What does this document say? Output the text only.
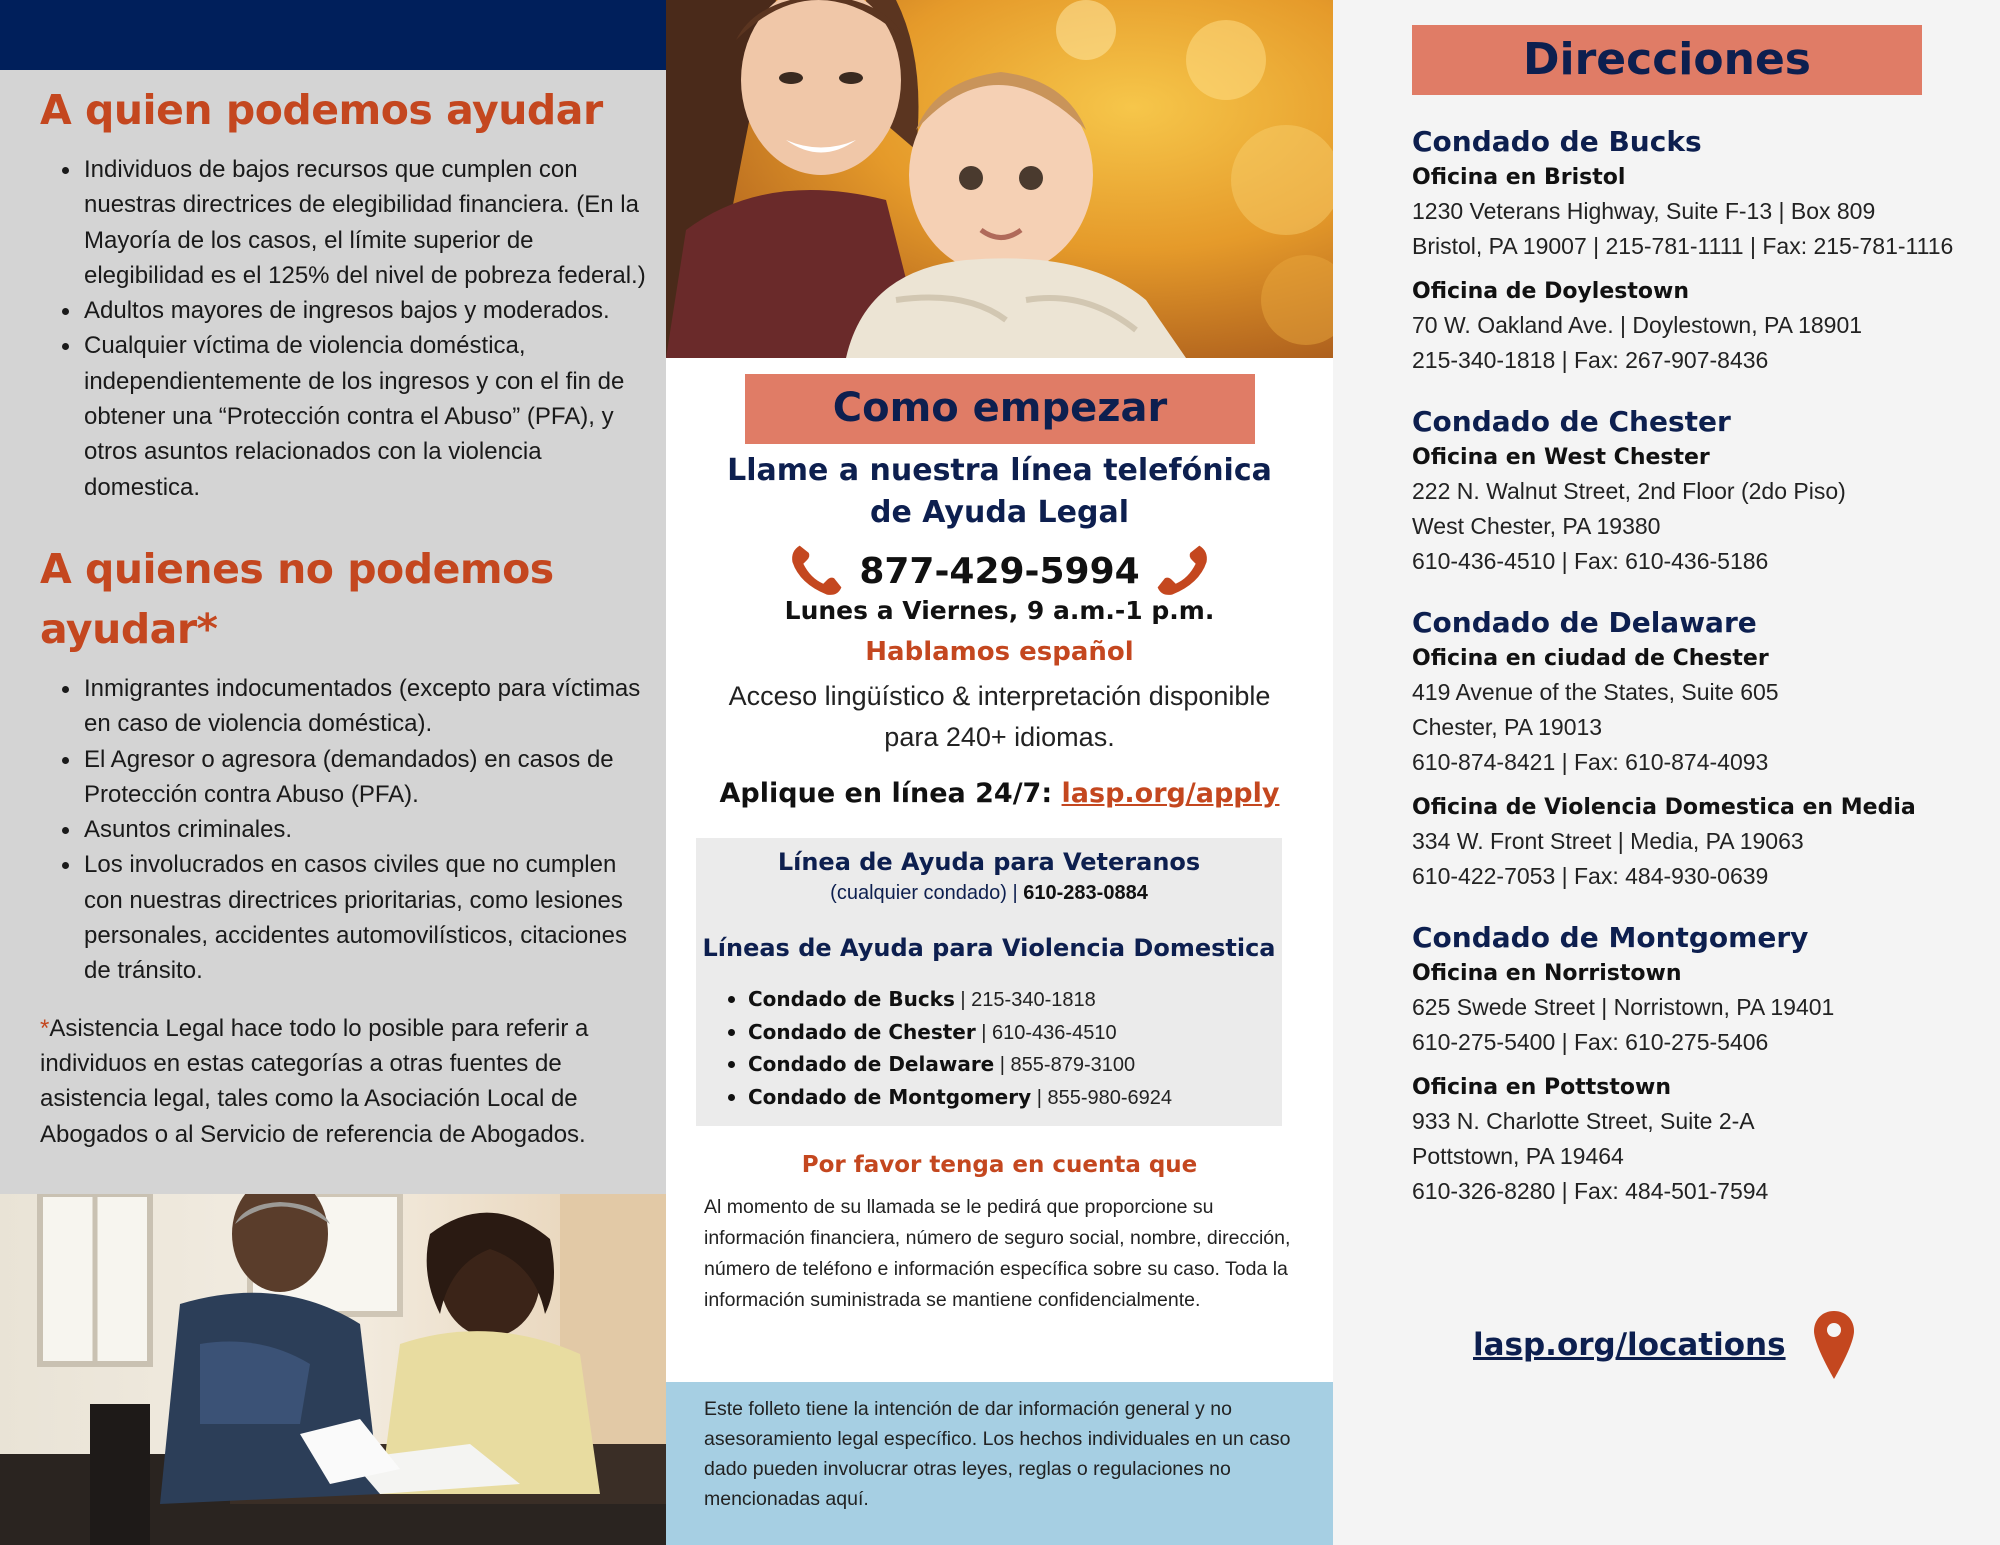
A quien podemos ayudar
Individuos de bajos recursos que cumplen con nuestras directrices de elegibilidad financiera. (En la Mayoría de los casos, el límite superior de elegibilidad es el 125% del nivel de pobreza federal.)
Adultos mayores de ingresos bajos y moderados.
Cualquier víctima de violencia doméstica, independientemente de los ingresos y con el fin de obtener una “Protección contra el Abuso” (PFA), y otros asuntos relacionados con la violencia domestica.
A quienes no podemos ayudar*
Inmigrantes indocumentados (excepto para víctimas en caso de violencia doméstica).
El Agresor o agresora (demandados) en casos de Protección contra Abuso (PFA).
Asuntos criminales.
Los involucrados en casos civiles que no cumplen con nuestras directrices prioritarias, como lesiones personales, accidentes automovilísticos, citaciones de tránsito.

*Asistencia Legal hace todo lo posible para referir a individuos en estas categorías a otras fuentes de asistencia legal, tales como la Asociación Local de Abogados o al Servicio de referencia de Abogados.

Como empezar
Llame a nuestra línea telefónica de Ayuda Legal
877-429-5994
Lunes a Viernes, 9 a.m.-1 p.m.
Hablamos español
Acceso lingüístico & interpretación disponible para 240+ idiomas.
Aplique en línea 24/7: lasp.org/apply
Línea de Ayuda para Veteranos
(cualquier condado) | 610-283-0884
Líneas de Ayuda para Violencia Domestica
Condado de Bucks | 215-340-1818
Condado de Chester | 610-436-4510
Condado de Delaware | 855-879-3100
Condado de Montgomery | 855-980-6924
Por favor tenga en cuenta que
Al momento de su llamada se le pedirá que proporcione su información financiera, número de seguro social, nombre, dirección, número de teléfono e información específica sobre su caso. Toda la información suministrada se mantiene confidencialmente.
Este folleto tiene la intención de dar información general y no asesoramiento legal específico. Los hechos individuales en un caso dado pueden involucrar otras leyes, reglas o regulaciones no mencionadas aquí.
Direcciones
Condado de Bucks
Oficina en Bristol
1230 Veterans Highway, Suite F-13 | Box 809
Bristol, PA 19007 | 215-781-1111 | Fax: 215-781-1116
Oficina de Doylestown
70 W. Oakland Ave. | Doylestown, PA 18901
215-340-1818 | Fax: 267-907-8436
Condado de Chester
Oficina en West Chester
222 N. Walnut Street, 2nd Floor (2do Piso)
West Chester, PA 19380
610-436-4510 | Fax: 610-436-5186
Condado de Delaware
Oficina en ciudad de Chester
419 Avenue of the States, Suite 605
Chester, PA 19013
610-874-8421 | Fax: 610-874-4093
Oficina de Violencia Domestica en Media
334 W. Front Street | Media, PA 19063
610-422-7053 | Fax: 484-930-0639
Condado de Montgomery
Oficina en Norristown
625 Swede Street | Norristown, PA 19401
610-275-5400 | Fax: 610-275-5406
Oficina en Pottstown
933 N. Charlotte Street, Suite 2-A
Pottstown, PA 19464
610-326-8280 | Fax: 484-501-7594
lasp.org/locations
